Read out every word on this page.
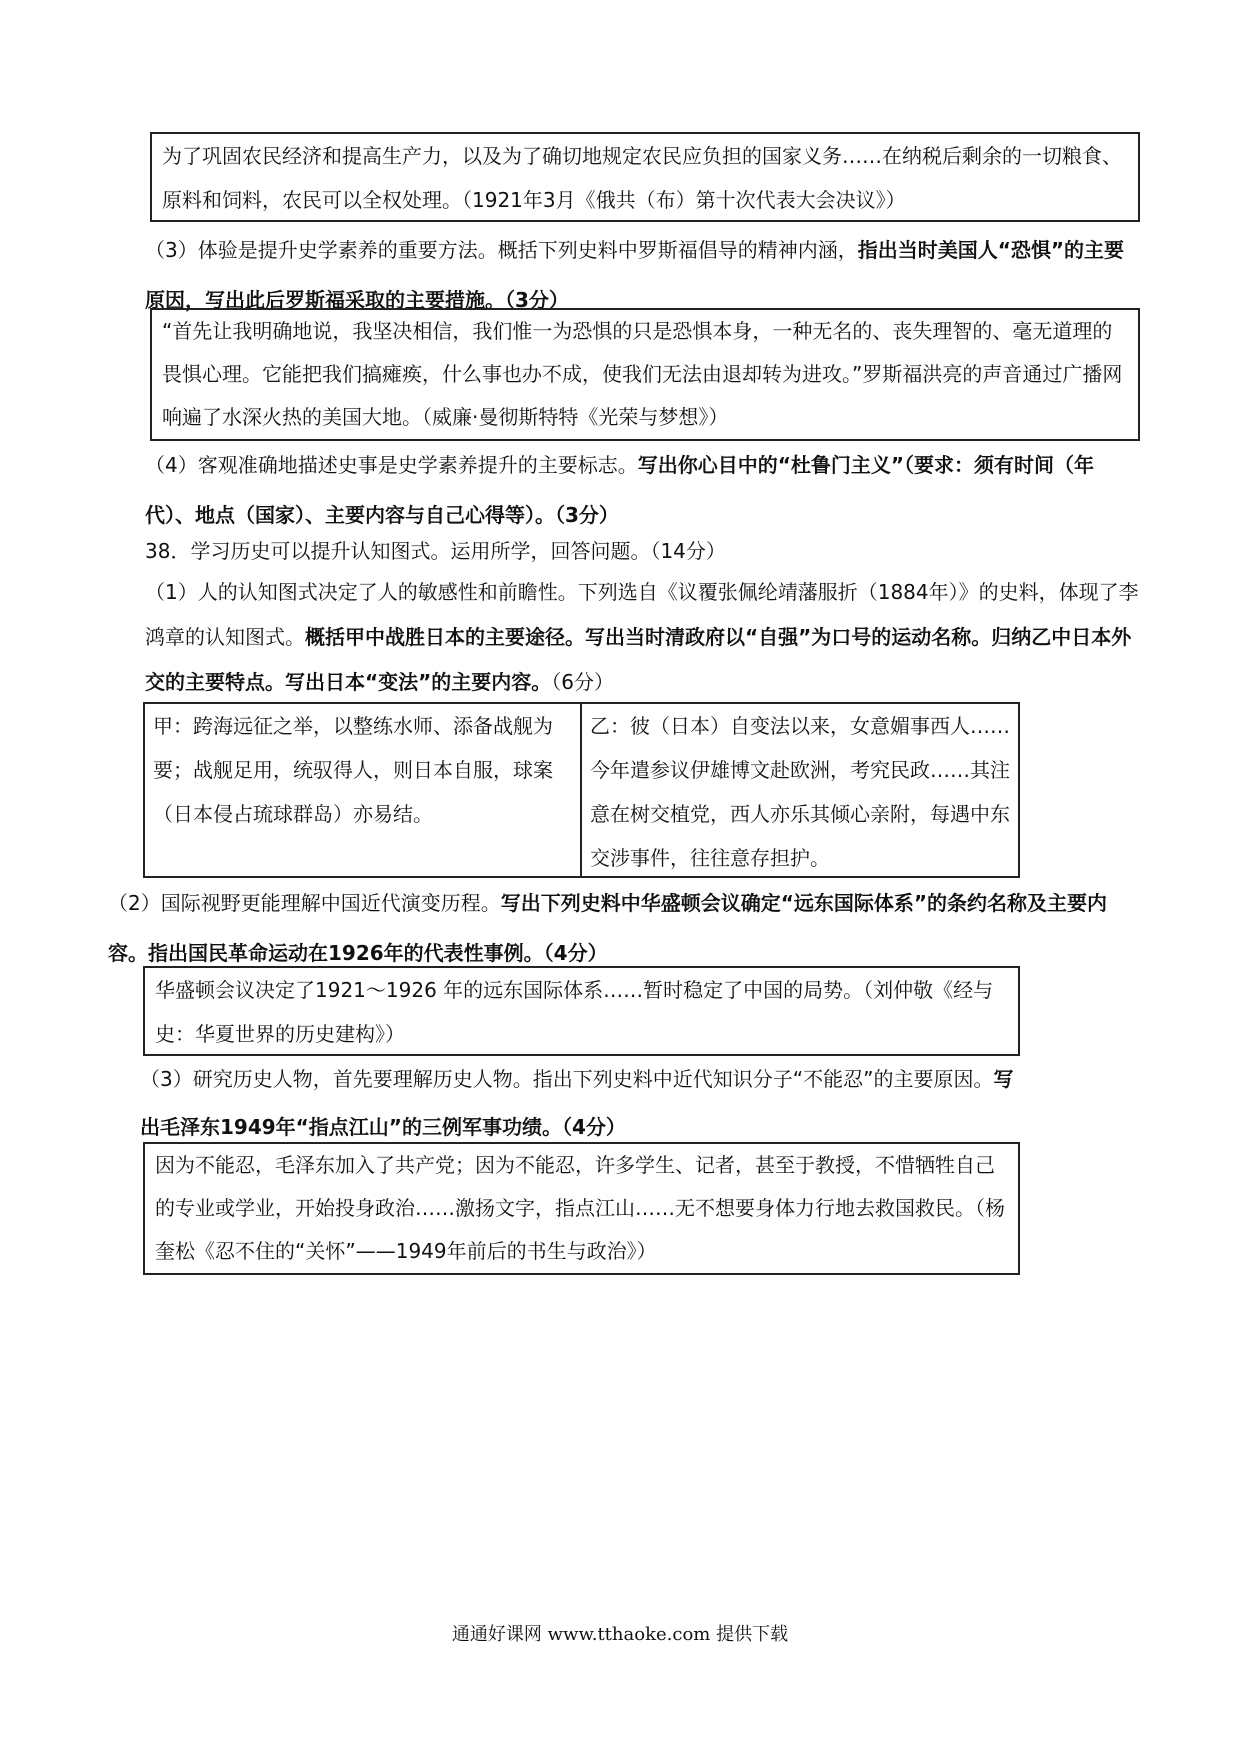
为了巩固农民经济和提高生产力，以及为了确切地规定农民应负担的国家义务……在纳税后剩余的一切粮食、原料和饲料，农民可以全权处理。（1921年3月《俄共（布）第十次代表大会决议》）

（3）体验是提升史学素养的重要方法。概括下列史料中罗斯福倡导的精神内涵，指出当时美国人“恐惧”的主要原因，写出此后罗斯福采取的主要措施。（3分）

“首先让我明确地说，我坚决相信，我们惟一为恐惧的只是恐惧本身，一种无名的、丧失理智的、毫无道理的畏惧心理。它能把我们搞瘫痪，什么事也办不成，使我们无法由退却转为进攻。”罗斯福洪亮的声音通过广播网响遍了水深火热的美国大地。（威廉·曼彻斯特特《光荣与梦想》）

（4）客观准确地描述史事是史学素养提升的主要标志。写出你心目中的“杜鲁门主义”（要求：须有时间（年代）、地点（国家）、主要内容与自己心得等）。（3分）

38．学习历史可以提升认知图式。运用所学，回答问题。（14分）

（1）人的认知图式决定了人的敏感性和前瞻性。下列选自《议覆张佩纶靖藩服折（1884年）》的史料，体现了李鸿章的认知图式。概括甲中战胜日本的主要途径。写出当时清政府以“自强”为口号的运动名称。归纳乙中日本外交的主要特点。写出日本“变法”的主要内容。（6分）

甲：跨海远征之举，以整练水师、添备战舰为要；战舰足用，统驭得人，则日本自服，球案（日本侵占琉球群岛）亦易结。
乙：彼（日本）自变法以来，女意媚事西人……今年遣参议伊雄博文赴欧洲，考究民政……其注意在树交植党，西人亦乐其倾心亲附，每遇中东交涉事件，往往意存担护。

（2）国际视野更能理解中国近代演变历程。写出下列史料中华盛顿会议确定“远东国际体系”的条约名称及主要内容。指出国民革命运动在1926年的代表性事例。（4分）

华盛顿会议决定了1921～1926 年的远东国际体系……暂时稳定了中国的局势。（刘仲敬《经与史：华夏世界的历史建构》）

（3）研究历史人物，首先要理解历史人物。指出下列史料中近代知识分子“不能忍”的主要原因。写出毛泽东1949年“指点江山”的三例军事功绩。（4分）

因为不能忍，毛泽东加入了共产党；因为不能忍，许多学生、记者，甚至于教授，不惜牺牲自己的专业或学业，开始投身政治……激扬文字，指点江山……无不想要身体力行地去救国救民。（杨奎松《忍不住的“关怀”——1949年前后的书生与政治》）
通通好课网 www.tthaoke.com 提供下载
